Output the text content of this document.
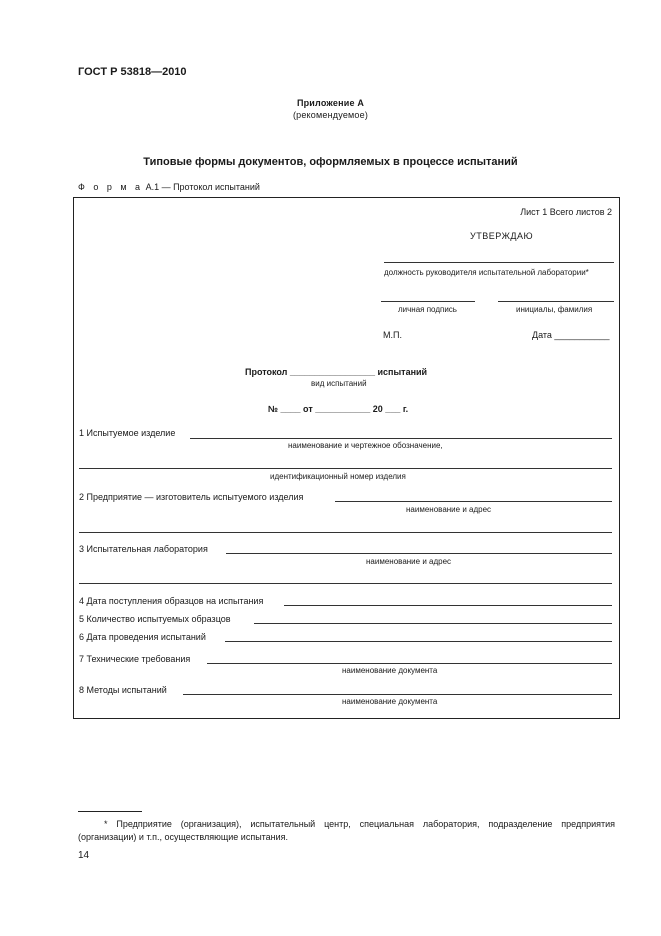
ГОСТ Р 53818—2010
Приложение А
(рекомендуемое)
Типовые формы документов, оформляемых в процессе испытаний
Ф о р м а А.1 — Протокол испытаний
Лист 1 Всего листов 2
УТВЕРЖДАЮ
должность руководителя испытательной лаборатории*
личная подпись	инициалы, фамилия
М.П.	Дата ___________
Протокол _________________ испытаний
вид испытаний
№ ____ от ___________ 20 ___ г.
1 Испытуемое изделие
наименование и чертежное обозначение,
идентификационный номер изделия
2 Предприятие — изготовитель испытуемого изделия
наименование и адрес
3 Испытательная лаборатория
наименование и адрес
4 Дата поступления образцов на испытания
5 Количество испытуемых образцов
6 Дата проведения испытаний
7 Технические требования
наименование документа
8 Методы испытаний
наименование документа
* Предприятие (организация), испытательный центр, специальная лаборатория, подразделение предприятия (организации) и т.п., осуществляющие испытания.
14
